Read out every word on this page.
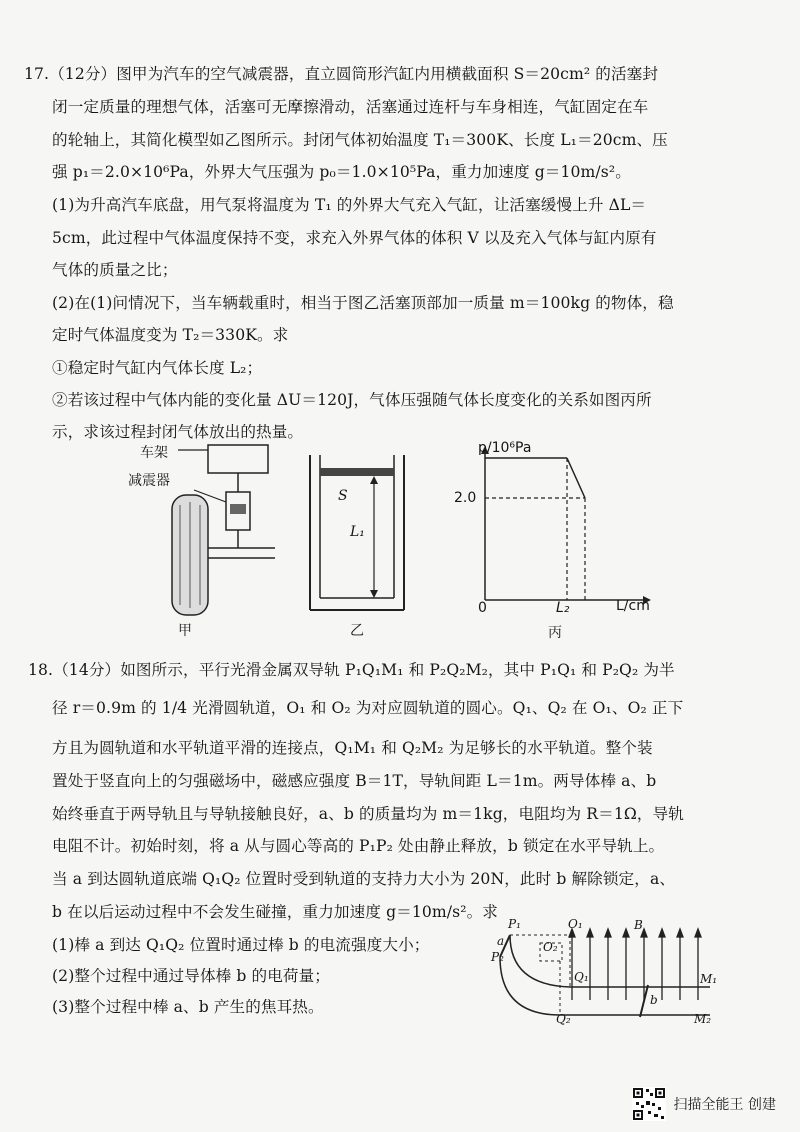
17.（12分）图甲为汽车的空气减震器，直立圆筒形汽缸内用横截面积 S＝20cm² 的活塞封
闭一定质量的理想气体，活塞可无摩擦滑动，活塞通过连杆与车身相连，气缸固定在车
的轮轴上，其简化模型如乙图所示。封闭气体初始温度 T₁＝300K、长度 L₁＝20cm、压
强 p₁＝2.0×10⁶Pa，外界大气压强为 p₀＝1.0×10⁵Pa，重力加速度 g＝10m/s²。
(1)为升高汽车底盘，用气泵将温度为 T₁ 的外界大气充入气缸，让活塞缓慢上升 ΔL＝
5cm，此过程中气体温度保持不变，求充入外界气体的体积 V 以及充入气体与缸内原有
气体的质量之比；
(2)在(1)问情况下，当车辆载重时，相当于图乙活塞顶部加一质量 m＝100kg 的物体，稳
定时气体温度变为 T₂＝330K。求
①稳定时气缸内气体长度 L₂；
②若该过程中气体内能的变化量 ΔU＝120J，气体压强随气体长度变化的关系如图丙所
示，求该过程封闭气体放出的热量。
车架
减震器
甲
S
L₁
乙
p/10⁶Pa
2.0
0	L₂	L/cm
丙
18.（14分）如图所示，平行光滑金属双导轨 P₁Q₁M₁ 和 P₂Q₂M₂，其中 P₁Q₁ 和 P₂Q₂ 为半
径 r＝0.9m 的 1/4 光滑圆轨道，O₁ 和 O₂ 为对应圆轨道的圆心。Q₁、Q₂ 在 O₁、O₂ 正下
方且为圆轨道和水平轨道平滑的连接点，Q₁M₁ 和 Q₂M₂ 为足够长的水平轨道。整个装
置处于竖直向上的匀强磁场中，磁感应强度 B＝1T，导轨间距 L＝1m。两导体棒 a、b
始终垂直于两导轨且与导轨接触良好，a、b 的质量均为 m＝1kg，电阻均为 R＝1Ω，导轨
电阻不计。初始时刻，将 a 从与圆心等高的 P₁P₂ 处由静止释放，b 锁定在水平导轨上。
当 a 到达圆轨道底端 Q₁Q₂ 位置时受到轨道的支持力大小为 20N，此时 b 解除锁定，a、
b 在以后运动过程中不会发生碰撞，重力加速度 g＝10m/s²。求
(1)棒 a 到达 Q₁Q₂ 位置时通过棒 b 的电流强度大小；
(2)整个过程中通过导体棒 b 的电荷量；
(3)整个过程中棒 a、b 产生的焦耳热。
P₁
P₂
a
O₁
O₂
Q₁
Q₂
B
b
M₁
M₂
扫描全能王 创建
